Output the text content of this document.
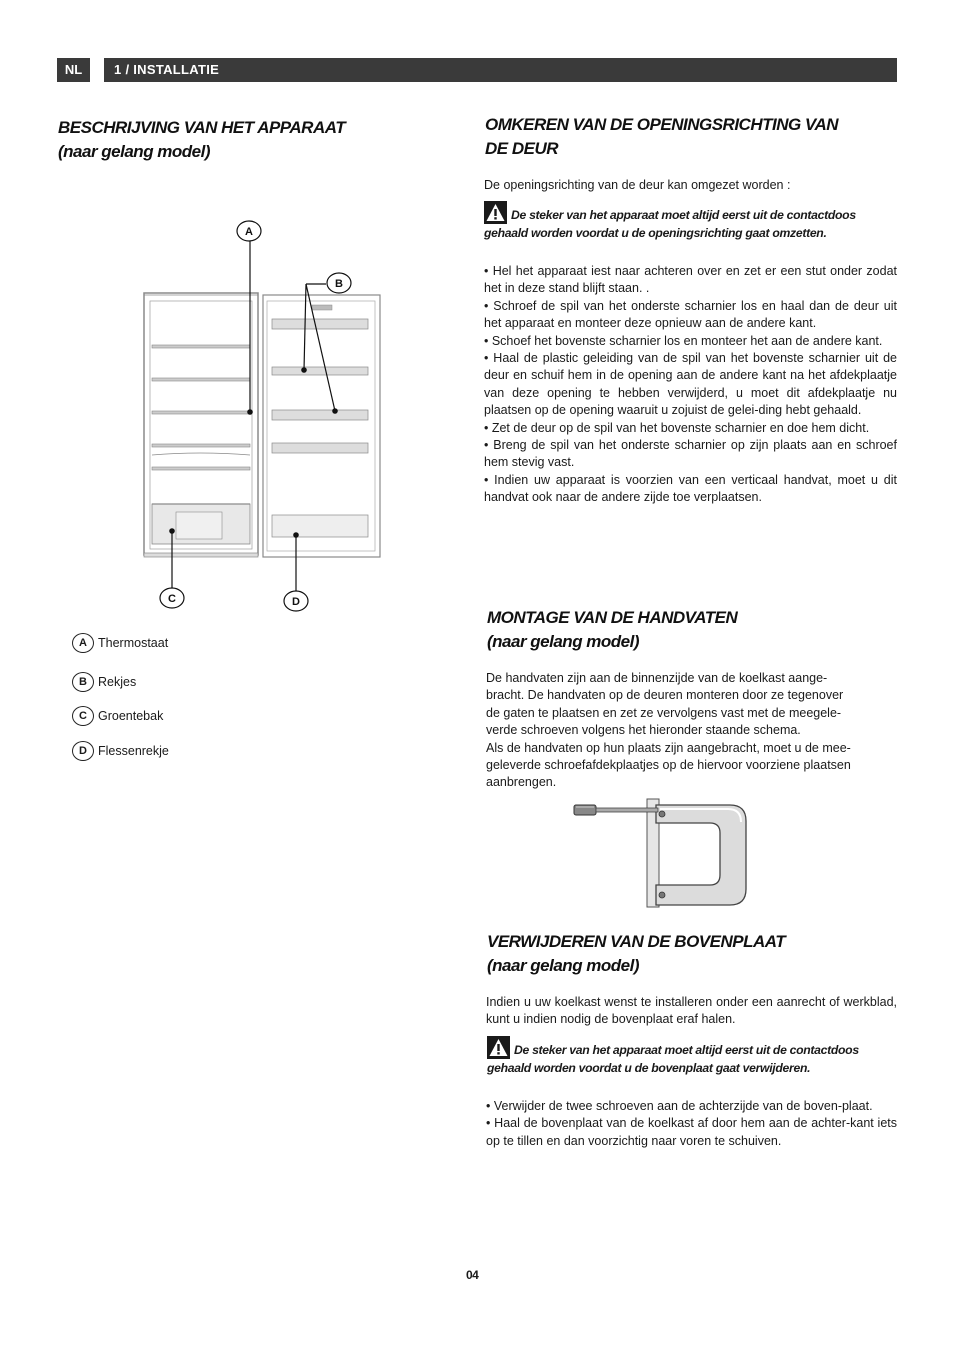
NL	1 / INSTALLATIE
BESCHRIJVING VAN HET APPARAAT
(naar gelang model)
A
B
C	D
A Thermostaat
B Rekjes
C Groentebak
D Flessenrekje
OMKEREN VAN DE OPENINGSRICHTING VAN
DE DEUR
De openingsrichting van de deur kan omgezet worden :
De steker van het apparaat moet altijd eerst uit de contactdoos gehaald worden voordat u de openingsrichting gaat omzetten.

• Hel het apparaat iest naar achteren over en zet er een stut onder zodat het in deze stand blijft staan. .

• Schroef de spil van het onderste scharnier los en haal dan de deur uit het apparaat en monteer deze opnieuw aan de andere kant.

• Schoef het bovenste scharnier los en monteer het aan de andere kant.

• Haal de plastic geleiding van de spil van het bovenste scharnier uit de deur en schuif hem in de opening aan de andere kant na het afdekplaatje van deze opening te hebben verwijderd, u moet dit afdekplaatje nu plaatsen op de opening waaruit u zojuist de gelei-ding hebt gehaald.

• Zet de deur op de spil van het bovenste scharnier en doe hem dicht.

• Breng de spil van het onderste scharnier op zijn plaats aan en schroef hem stevig vast.

• Indien uw apparaat is voorzien van een verticaal handvat, moet u dit handvat ook naar de andere zijde toe verplaatsen.

MONTAGE VAN DE HANDVATEN
(naar gelang model)
De handvaten zijn aan de binnenzijde van de koelkast aange-
bracht. De handvaten op de deuren monteren door ze tegenover
de gaten te plaatsen en zet ze vervolgens vast met de meegele-
verde schroeven volgens het hieronder staande schema.
Als de handvaten op hun plaats zijn aangebracht, moet u de mee-
geleverde schroefafdekplaatjes op de hiervoor voorziene plaatsen
aanbrengen.
VERWIJDEREN VAN DE BOVENPLAAT
(naar gelang model)
Indien u uw koelkast wenst te installeren onder een aanrecht of werkblad, kunt u indien nodig de bovenplaat eraf halen.
De steker van het apparaat moet altijd eerst uit de contactdoos gehaald worden voordat u de bovenplaat gaat verwijderen.

• Verwijder de twee schroeven aan de achterzijde van de boven-plaat.

• Haal de bovenplaat van de koelkast af door hem aan de achter-kant iets op te tillen en dan voorzichtig naar voren te schuiven.

04
